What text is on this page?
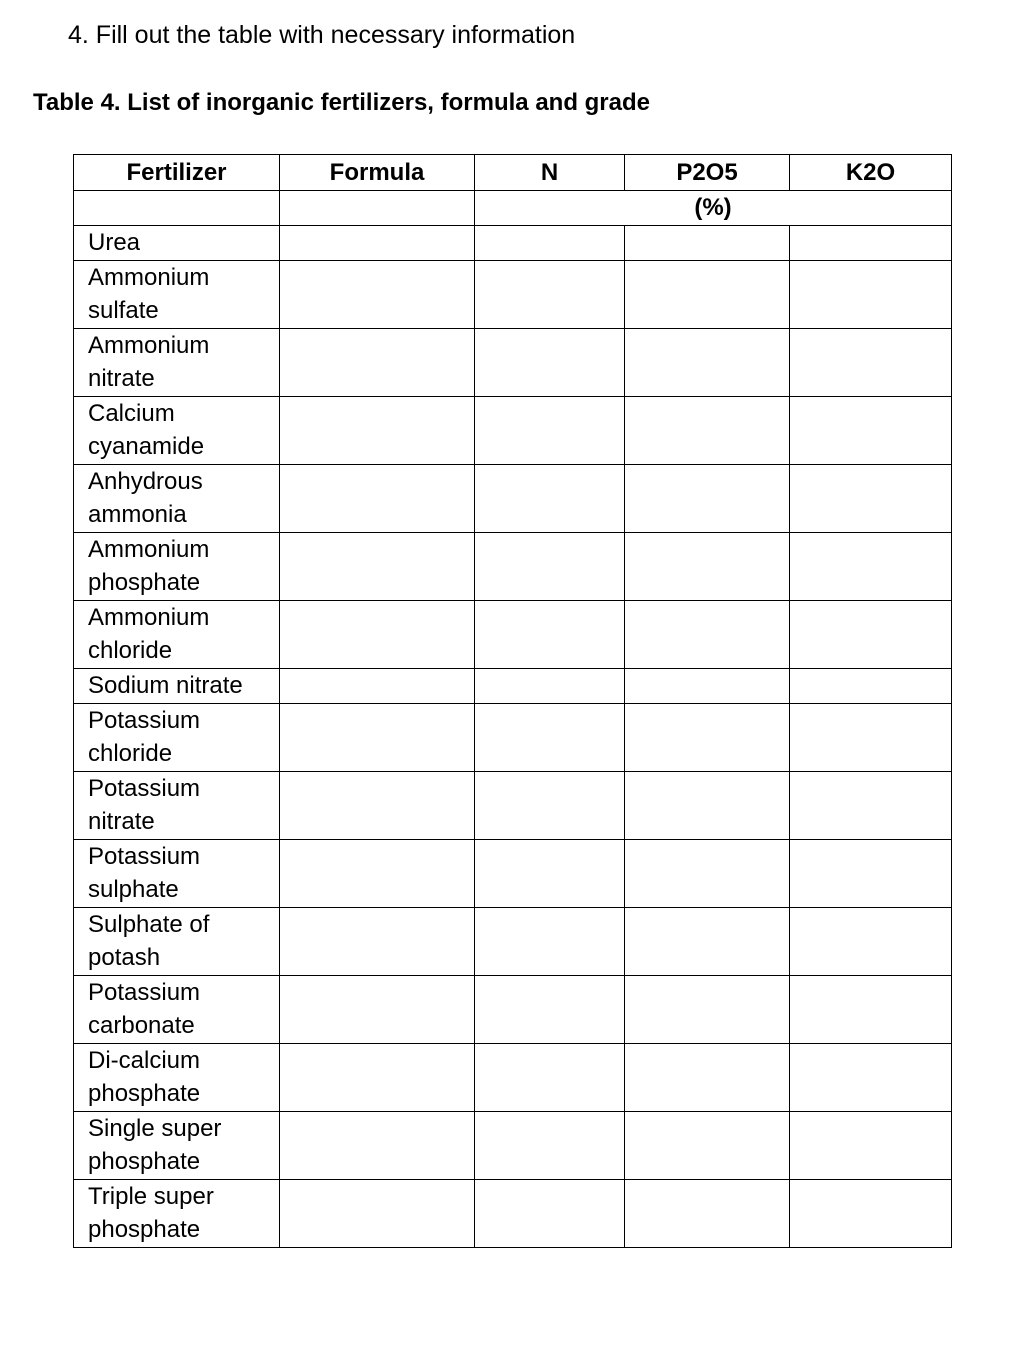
4. Fill out the table with necessary information
Table 4. List of inorganic fertilizers, formula and grade
Fertilizer	Formula	N	P2O5	K2O
		(%)		

Urea				

Ammonium
sulfate				

Ammonium
nitrate				

Calcium
cyanamide				

Anhydrous
ammonia				

Ammonium
phosphate				

Ammonium
chloride				

Sodium nitrate				

Potassium
chloride				

Potassium
nitrate				

Potassium
sulphate				

Sulphate of
potash				

Potassium
carbonate				

Di-calcium
phosphate				

Single super
phosphate				

Triple super
phosphate				
